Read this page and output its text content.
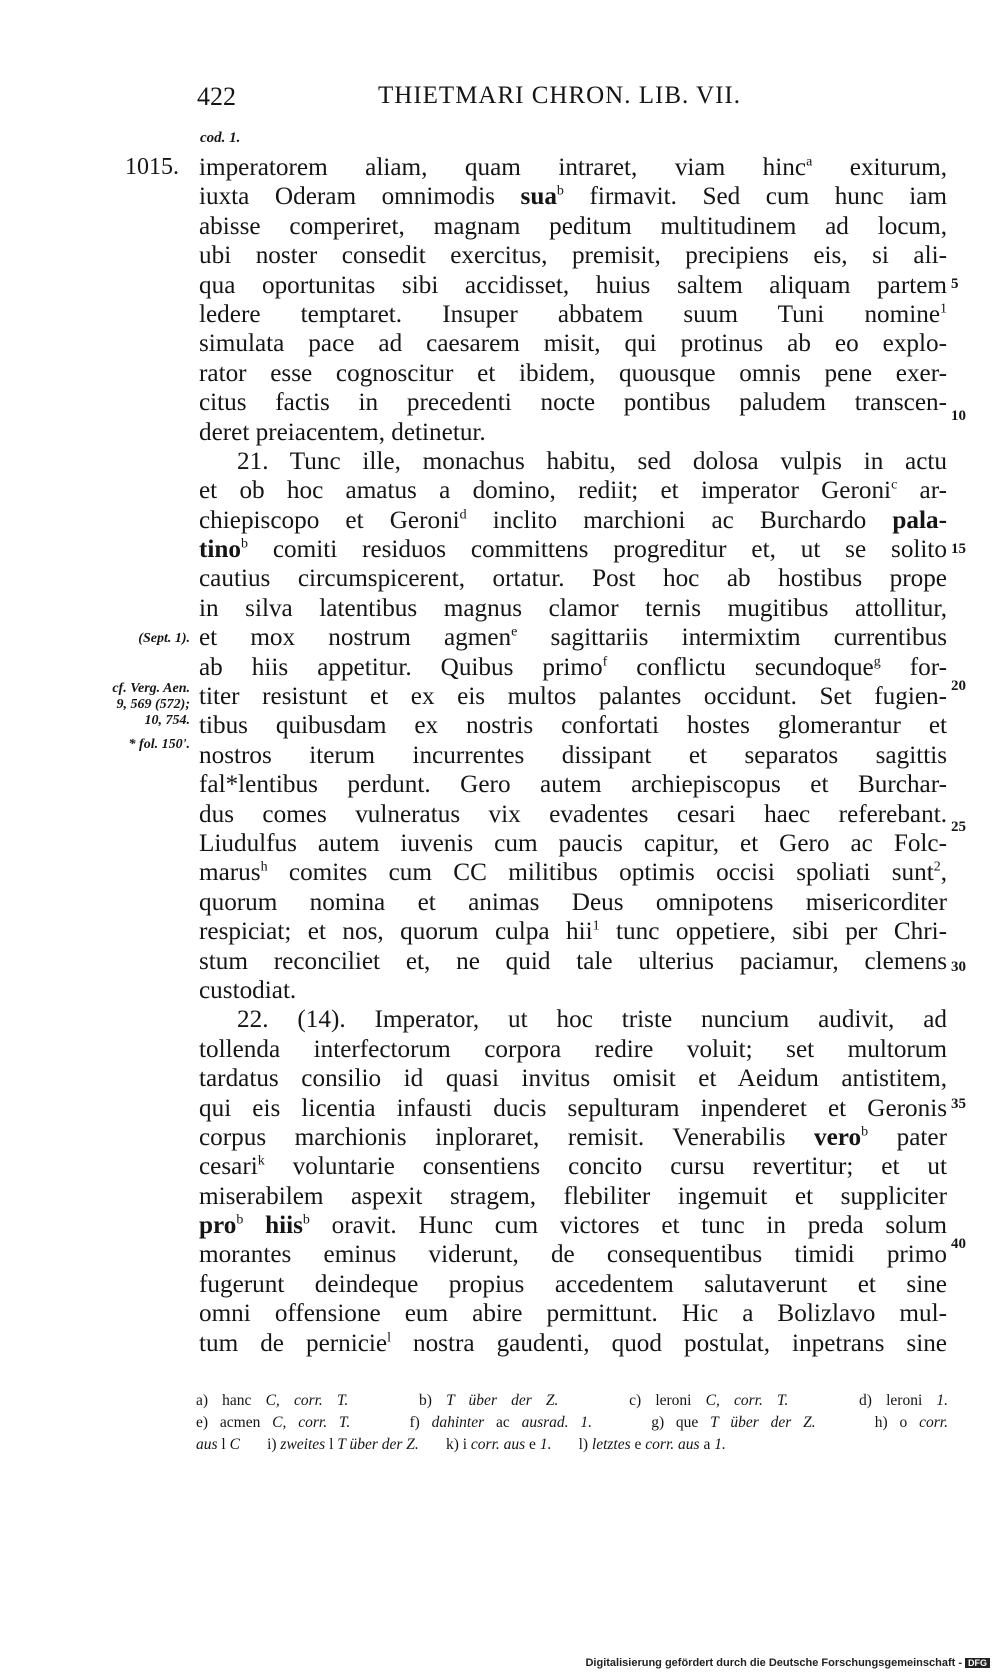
422	THIETMARI CHRON. LIB. VII.
cod. 1.
1015.
(Sept. 1).
cf. Verg. Aen.
9, 569 (572);
10, 754.
* fol. 150'.
5
10
15
20
25
30
35
40
imperatorem aliam, quam intraret, viam hinc$^a$ exiturum,
iuxta Oderam omnimodis sua$^b$ firmavit. Sed cum hunc iam
abisse comperiret, magnam peditum multitudinem ad locum,
ubi noster consedit exercitus, premisit, precipiens eis, si ali-
qua oportunitas sibi accidisset, huius saltem aliquam partem
ledere temptaret. Insuper abbatem suum Tuni nomine$^1$
simulata pace ad caesarem misit, qui protinus ab eo explo-
rator esse cognoscitur et ibidem, quousque omnis pene exer-
citus factis in precedenti nocte pontibus paludem transcen-
deret preiacentem, detinetur.
21. Tunc ille, monachus habitu, sed dolosa vulpis in actu
et ob hoc amatus a domino, rediit; et imperator Geroni$^c$ ar-
chiepiscopo et Geroni$^d$ inclito marchioni ac Burchardo pala-
tino$^b$ comiti residuos committens progreditur et, ut se solito
cautius circumspicerent, ortatur. Post hoc ab hostibus prope
in silva latentibus magnus clamor ternis mugitibus attollitur,
et mox nostrum agmen$^e$ sagittariis intermixtim currentibus
ab hiis appetitur. Quibus primo$^f$ conflictu secundoque$^g$ for-
titer resistunt et ex eis multos palantes occidunt. Set fugien-
tibus quibusdam ex nostris confortati hostes glomerantur et
nostros iterum incurrentes dissipant et separatos sagittis
fal*lentibus perdunt. Gero autem archiepiscopus et Burchar-
dus comes vulneratus vix evadentes cesari haec referebant.
Liudulfus autem iuvenis cum paucis capitur, et Gero ac Folc-
marus$^h$ comites cum CC militibus optimis occisi spoliati sunt$^2$,
quorum nomina et animas Deus omnipotens misericorditer
respiciat; et nos, quorum culpa hii$^1$ tunc oppetiere, sibi per Chri-
stum reconciliet et, ne quid tale ulterius paciamur, clemens
custodiat.
22. (14). Imperator, ut hoc triste nuncium audivit, ad
tollenda interfectorum corpora redire voluit; set multorum
tardatus consilio id quasi invitus omisit et Aeidum antistitem,
qui eis licentia infausti ducis sepulturam inpenderet et Geronis
corpus marchionis inploraret, remisit. Venerabilis vero$^b$ pater
cesari$^k$ voluntarie consentiens concito cursu revertitur; et ut
miserabilem aspexit stragem, flebiliter ingemuit et suppliciter
pro$^b$ hiis$^b$ oravit. Hunc cum victores et tunc in preda solum
morantes eminus viderunt, de consequentibus timidi primo
fugerunt deindeque propius accedentem salutaverunt et sine
omni offensione eum abire permittunt. Hic a Bolizlavo mul-
tum de pernicie$^l$ nostra gaudenti, quod postulat, inpetrans sine
a) hanc C, corr. T.	b) T über der Z.	c) leroni C, corr. T.	d) leroni 1.
e) acmen C, corr. T.	f) dahinter ac ausrad. 1.	g) que T über der Z.	h) o corr.
aus l C i) zweites l T über der Z. k) i corr. aus e 1. l) letztes e corr. aus a 1.
Digitalisierung gefördert durch die Deutsche Forschungsgemeinschaft - DFG
